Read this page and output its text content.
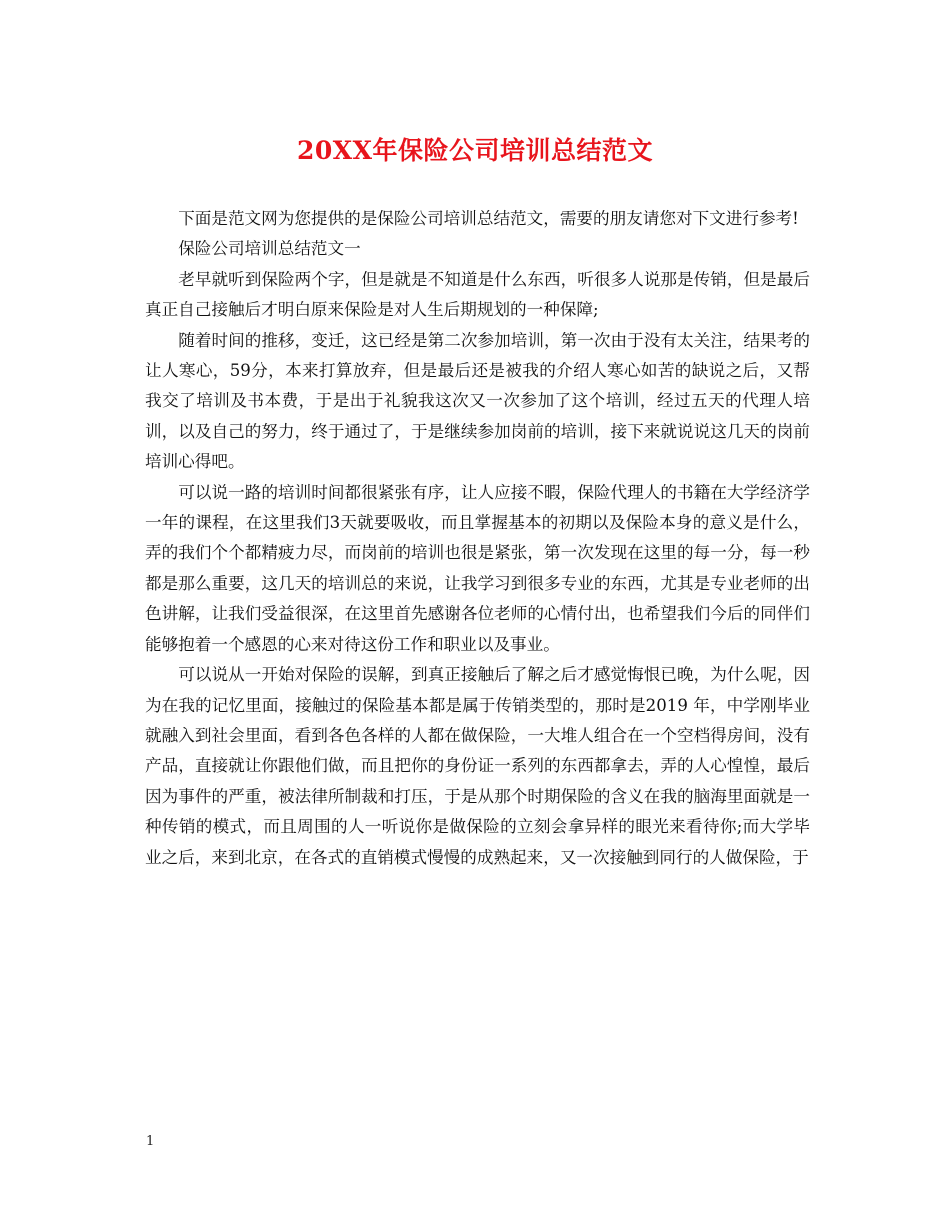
20XX年保险公司培训总结范文

下面是范文网为您提供的是保险公司培训总结范文，需要的朋友请您对下文进行参考!

保险公司培训总结范文一

老早就听到保险两个字，但是就是不知道是什么东西，听很多人说那是传销，但是最后真正自己接触后才明白原来保险是对人生后期规划的一种保障;

随着时间的推移，变迁，这已经是第二次参加培训，第一次由于没有太关注，结果考的让人寒心，59分，本来打算放弃，但是最后还是被我的介绍人寒心如苦的缺说之后，又帮我交了培训及书本费，于是出于礼貌我这次又一次参加了这个培训，经过五天的代理人培训，以及自己的努力，终于通过了，于是继续参加岗前的培训，接下来就说说这几天的岗前培训心得吧。

可以说一路的培训时间都很紧张有序，让人应接不暇，保险代理人的书籍在大学经济学一年的课程，在这里我们3天就要吸收，而且掌握基本的初期以及保险本身的意义是什么，弄的我们个个都精疲力尽，而岗前的培训也很是紧张，第一次发现在这里的每一分，每一秒都是那么重要，这几天的培训总的来说，让我学习到很多专业的东西，尤其是专业老师的出色讲解，让我们受益很深，在这里首先感谢各位老师的心情付出，也希望我们今后的同伴们能够抱着一个感恩的心来对待这份工作和职业以及事业。

可以说从一开始对保险的误解，到真正接触后了解之后才感觉悔恨已晚，为什么呢，因为在我的记忆里面，接触过的保险基本都是属于传销类型的，那时是2019 年，中学刚毕业就融入到社会里面，看到各色各样的人都在做保险，一大堆人组合在一个空档得房间，没有产品，直接就让你跟他们做，而且把你的身份证一系列的东西都拿去，弄的人心惶惶，最后因为事件的严重，被法律所制裁和打压，于是从那个时期保险的含义在我的脑海里面就是一种传销的模式，而且周围的人一听说你是做保险的立刻会拿异样的眼光来看待你;而大学毕业之后，来到北京，在各式的直销模式慢慢的成熟起来，又一次接触到同行的人做保险，于

1
